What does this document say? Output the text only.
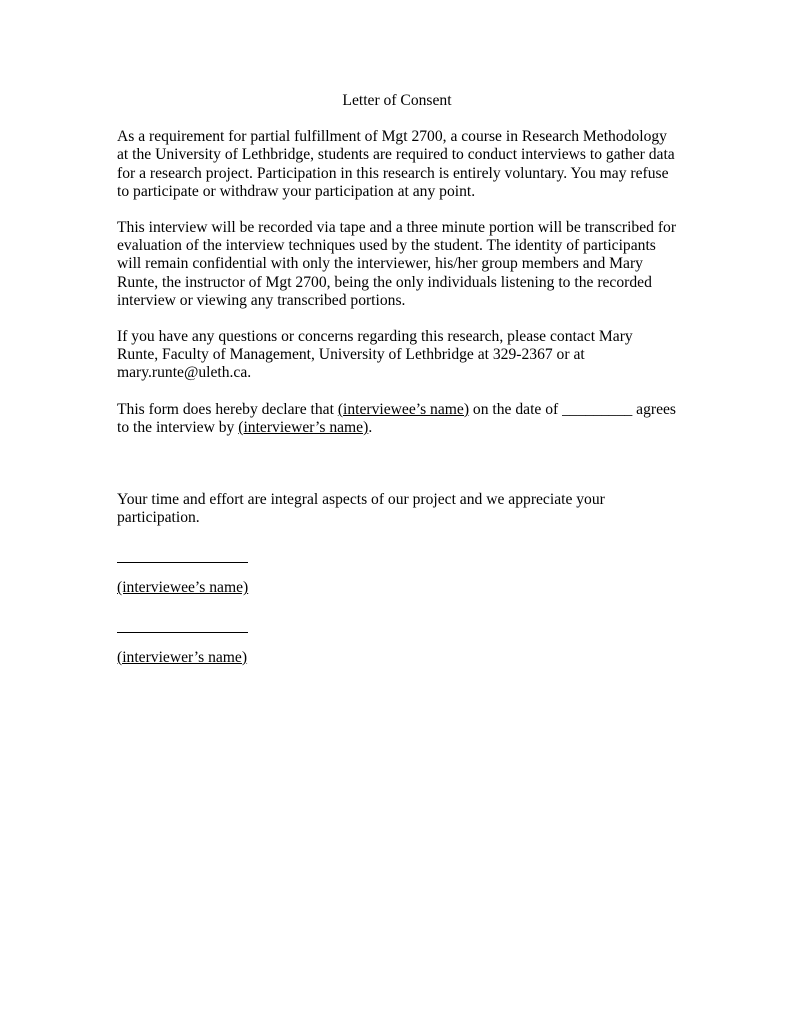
Letter of Consent

As a requirement for partial fulfillment of Mgt 2700, a course in Research Methodology at the University of Lethbridge, students are required to conduct interviews to gather data for a research project. Participation in this research is entirely voluntary. You may refuse to participate or withdraw your participation at any point.

This interview will be recorded via tape and a three minute portion will be transcribed for evaluation of the interview techniques used by the student. The identity of participants will remain confidential with only the interviewer, his/her group members and Mary Runte, the instructor of Mgt 2700, being the only individuals listening to the recorded interview or viewing any transcribed portions.

If you have any questions or concerns regarding this research, please contact Mary Runte, Faculty of Management, University of Lethbridge at 329-2367 or at mary.runte@uleth.ca.

This form does hereby declare that (interviewee’s name) on the date of _________ agrees to the interview by (interviewer’s name).

Your time and effort are integral aspects of our project and we appreciate your participation.

(interviewee’s name)
(interviewer’s name)
